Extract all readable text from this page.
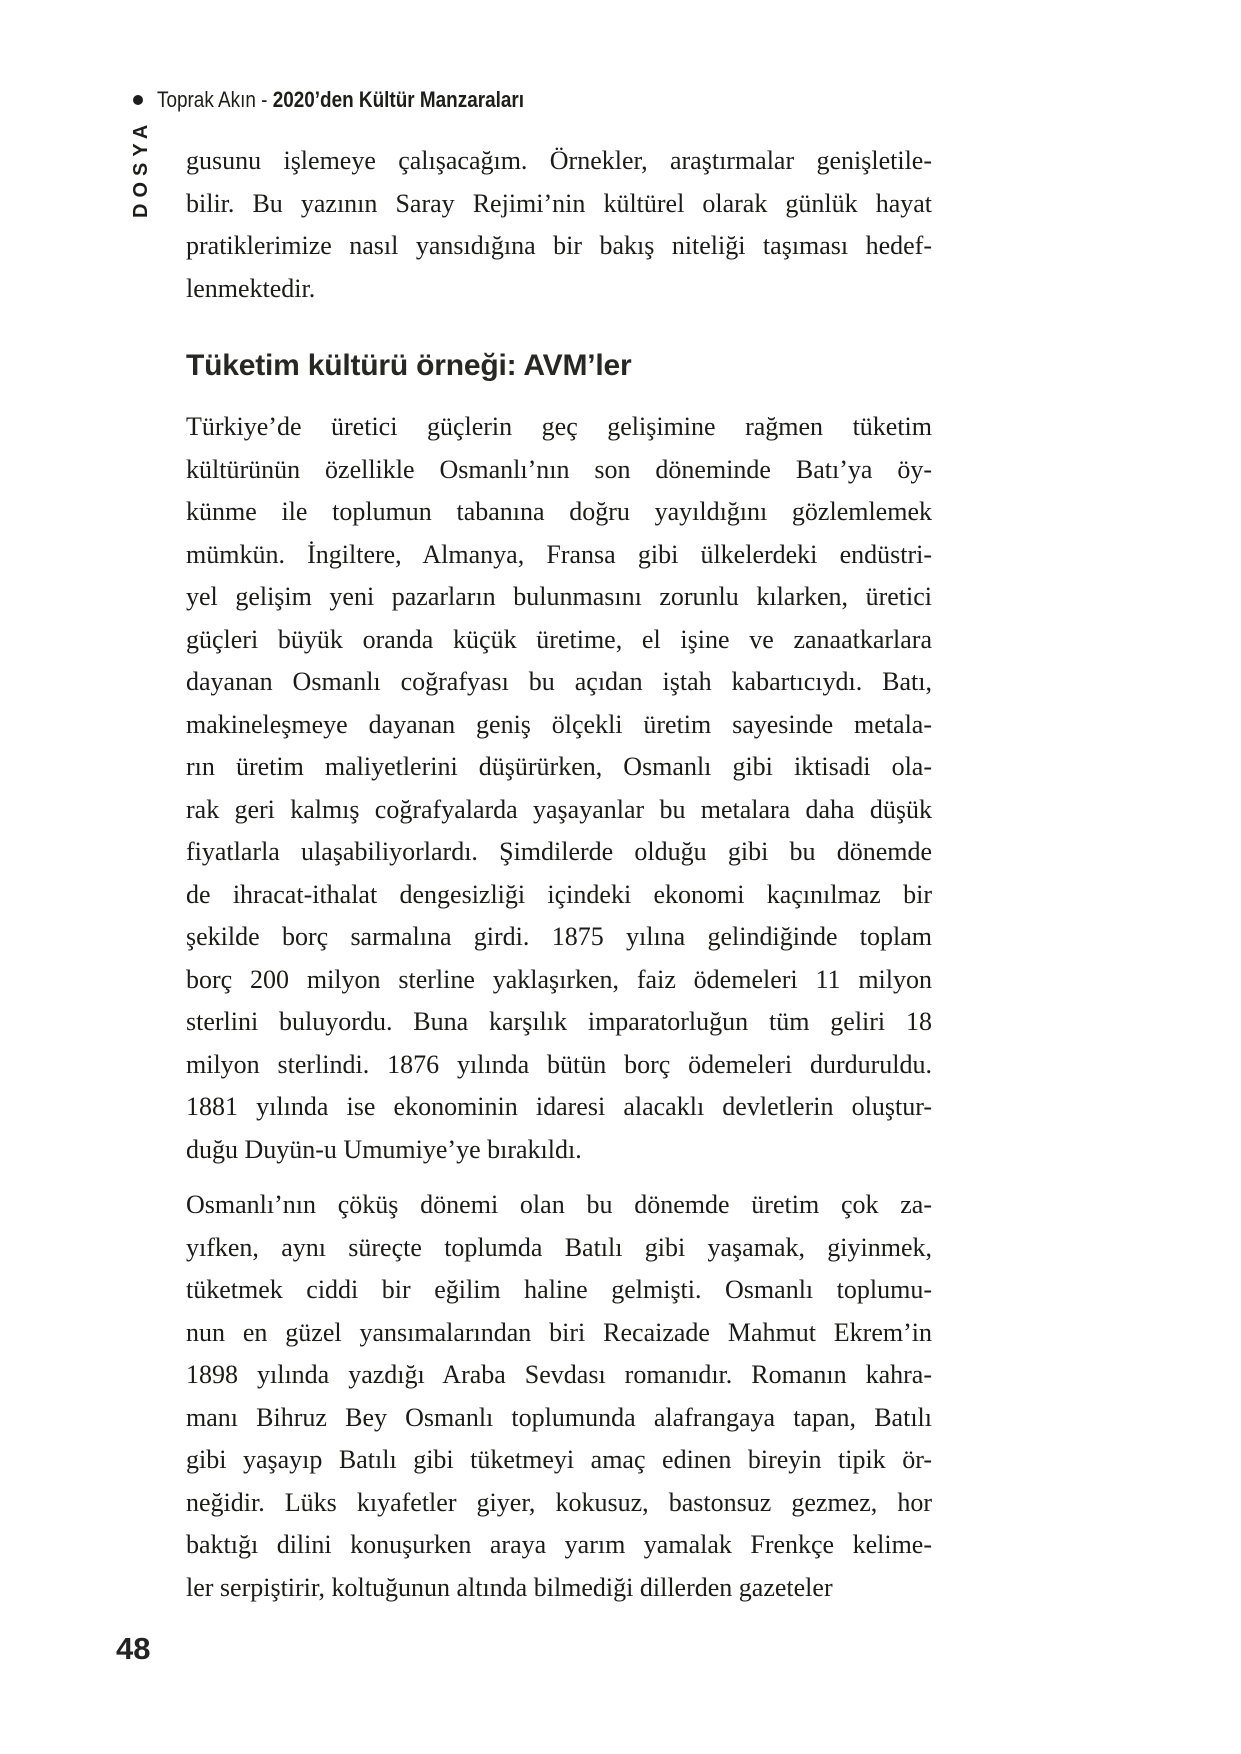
Toprak Akın - 2020’den Kültür Manzaraları
DOSYA gusunu işlemeye çalışacağım. Örnekler, araştırmalar genişletile-
bilir. Bu yazının Saray Rejimi’nin kültürel olarak günlük hayat
pratiklerimize nasıl yansıdığına bir bakış niteliği taşıması hedef-
lenmektedir.
Tüketim kültürü örneği: AVM’ler
Türkiye’de üretici güçlerin geç gelişimine rağmen tüketim
kültürünün özellikle Osmanlı’nın son döneminde Batı’ya öy-
künme ile toplumun tabanına doğru yayıldığını gözlemlemek
mümkün. İngiltere, Almanya, Fransa gibi ülkelerdeki endüstri-
yel gelişim yeni pazarların bulunmasını zorunlu kılarken, üretici
güçleri büyük oranda küçük üretime, el işine ve zanaatkarlara
dayanan Osmanlı coğrafyası bu açıdan iştah kabartıcıydı. Batı,
makineleşmeye dayanan geniş ölçekli üretim sayesinde metala-
rın üretim maliyetlerini düşürürken, Osmanlı gibi iktisadi ola-
rak geri kalmış coğrafyalarda yaşayanlar bu metalara daha düşük
fiyatlarla ulaşabiliyorlardı. Şimdilerde olduğu gibi bu dönemde
de ihracat-ithalat dengesizliği içindeki ekonomi kaçınılmaz bir
şekilde borç sarmalına girdi. 1875 yılına gelindiğinde toplam
borç 200 milyon sterline yaklaşırken, faiz ödemeleri 11 milyon
sterlini buluyordu. Buna karşılık imparatorluğun tüm geliri 18
milyon sterlindi. 1876 yılında bütün borç ödemeleri durduruldu.
1881 yılında ise ekonominin idaresi alacaklı devletlerin oluştur-
duğu Duyün-u Umumiye’ye bırakıldı.
Osmanlı’nın çöküş dönemi olan bu dönemde üretim çok za-
yıfken, aynı süreçte toplumda Batılı gibi yaşamak, giyinmek,
tüketmek ciddi bir eğilim haline gelmişti. Osmanlı toplumu-
nun en güzel yansımalarından biri Recaizade Mahmut Ekrem’in
1898 yılında yazdığı Araba Sevdası romanıdır. Romanın kahra-
manı Bihruz Bey Osmanlı toplumunda alafrangaya tapan, Batılı
gibi yaşayıp Batılı gibi tüketmeyi amaç edinen bireyin tipik ör-
neğidir. Lüks kıyafetler giyer, kokusuz, bastonsuz gezmez, hor
baktığı dilini konuşurken araya yarım yamalak Frenkçe kelime-
ler serpiştirir, koltuğunun altında bilmediği dillerden gazeteler
48
